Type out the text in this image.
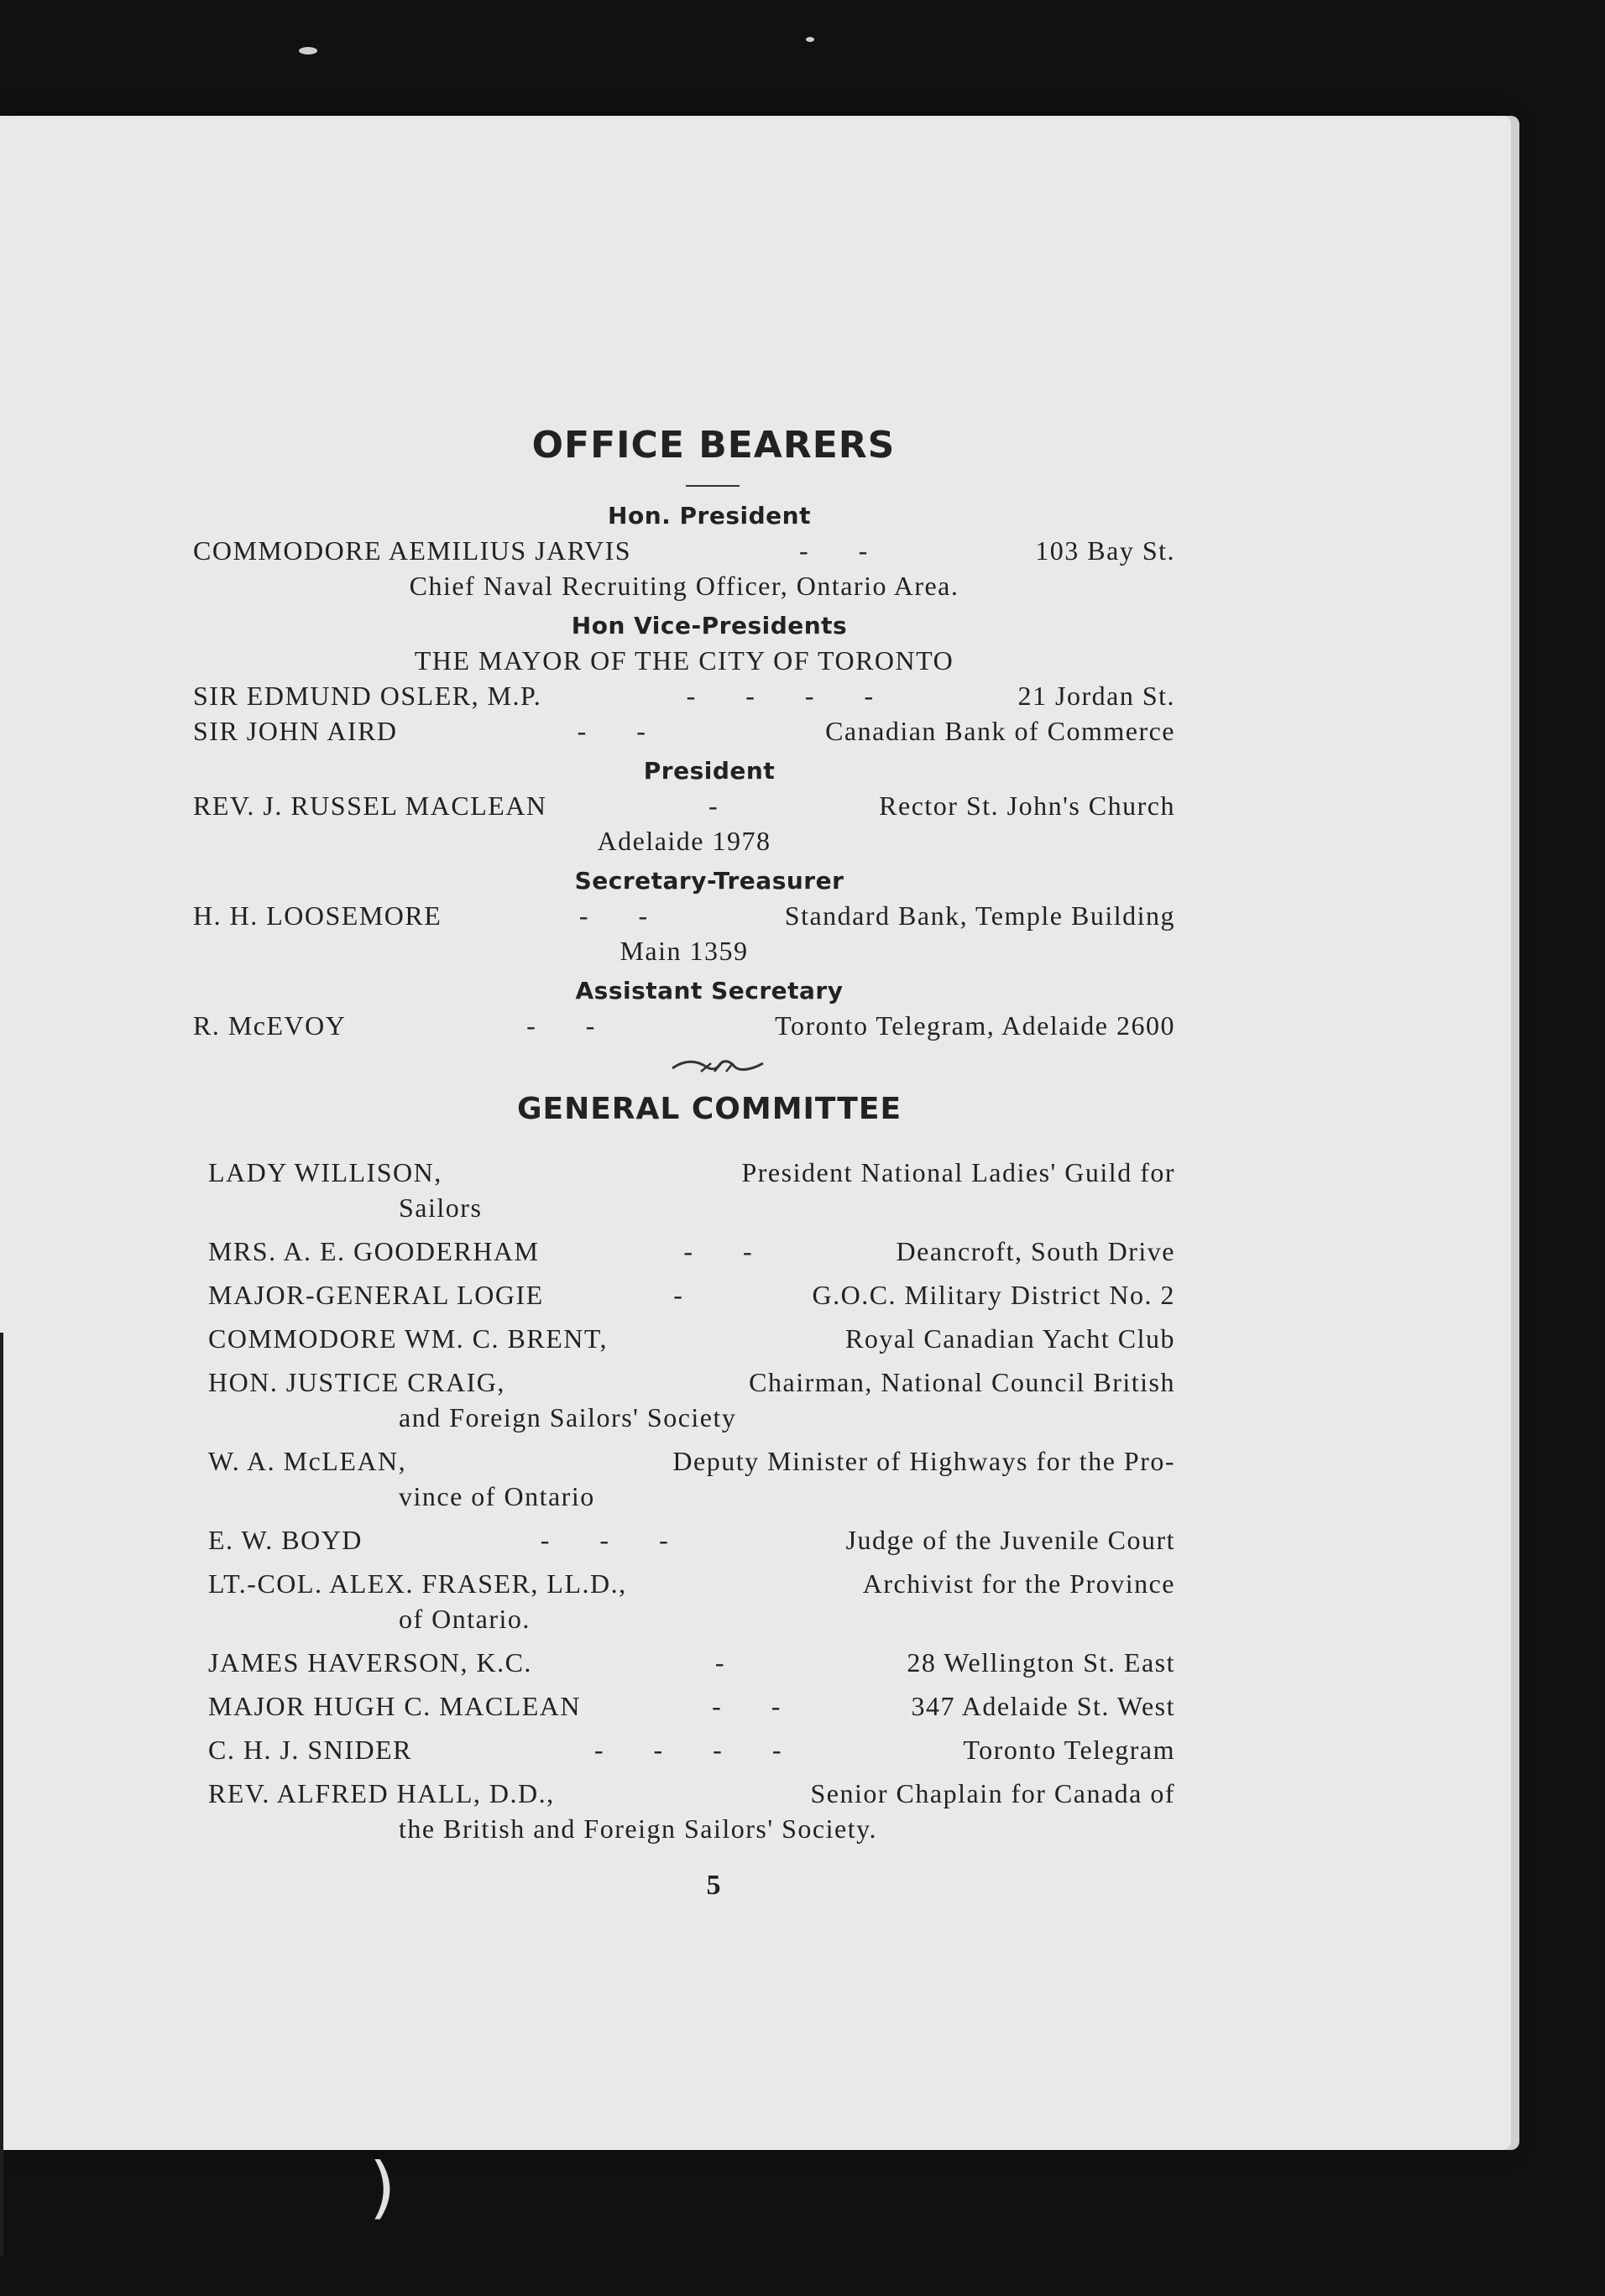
OFFICE BEARERS
Hon. President
COMMODORE AEMILIUS JARVIS	- -	103 Bay St.
Chief Naval Recruiting Officer, Ontario Area.
Hon Vice-Presidents
THE MAYOR OF THE CITY OF TORONTO
SIR EDMUND OSLER, M.P.	- - - -	21 Jordan St.
SIR JOHN AIRD	- -	Canadian Bank of Commerce
President
REV. J. RUSSEL MACLEAN	-	Rector St. John's Church
Adelaide 1978
Secretary-Treasurer
H. H. LOOSEMORE	- -	Standard Bank, Temple Building
Main 1359
Assistant Secretary
R. McEVOY	- -	Toronto Telegram, Adelaide 2600
GENERAL COMMITTEE
LADY WILLISON,	President National Ladies' Guild for
Sailors
MRS. A. E. GOODERHAM	- -	Deancroft, South Drive
MAJOR-GENERAL LOGIE	-	G.O.C. Military District No. 2
COMMODORE WM. C. BRENT,	Royal Canadian Yacht Club
HON. JUSTICE CRAIG,	Chairman, National Council British
and Foreign Sailors' Society
W. A. McLEAN,	Deputy Minister of Highways for the Pro-
vince of Ontario
E. W. BOYD	- - -	Judge of the Juvenile Court
LT.-COL. ALEX. FRASER, LL.D.,	Archivist for the Province
of Ontario.
JAMES HAVERSON, K.C.	-	28 Wellington St. East
MAJOR HUGH C. MACLEAN	- -	347 Adelaide St. West
C. H. J. SNIDER	- - - -	Toronto Telegram
REV. ALFRED HALL, D.D.,	Senior Chaplain for Canada of
the British and Foreign Sailors' Society.
5
)
